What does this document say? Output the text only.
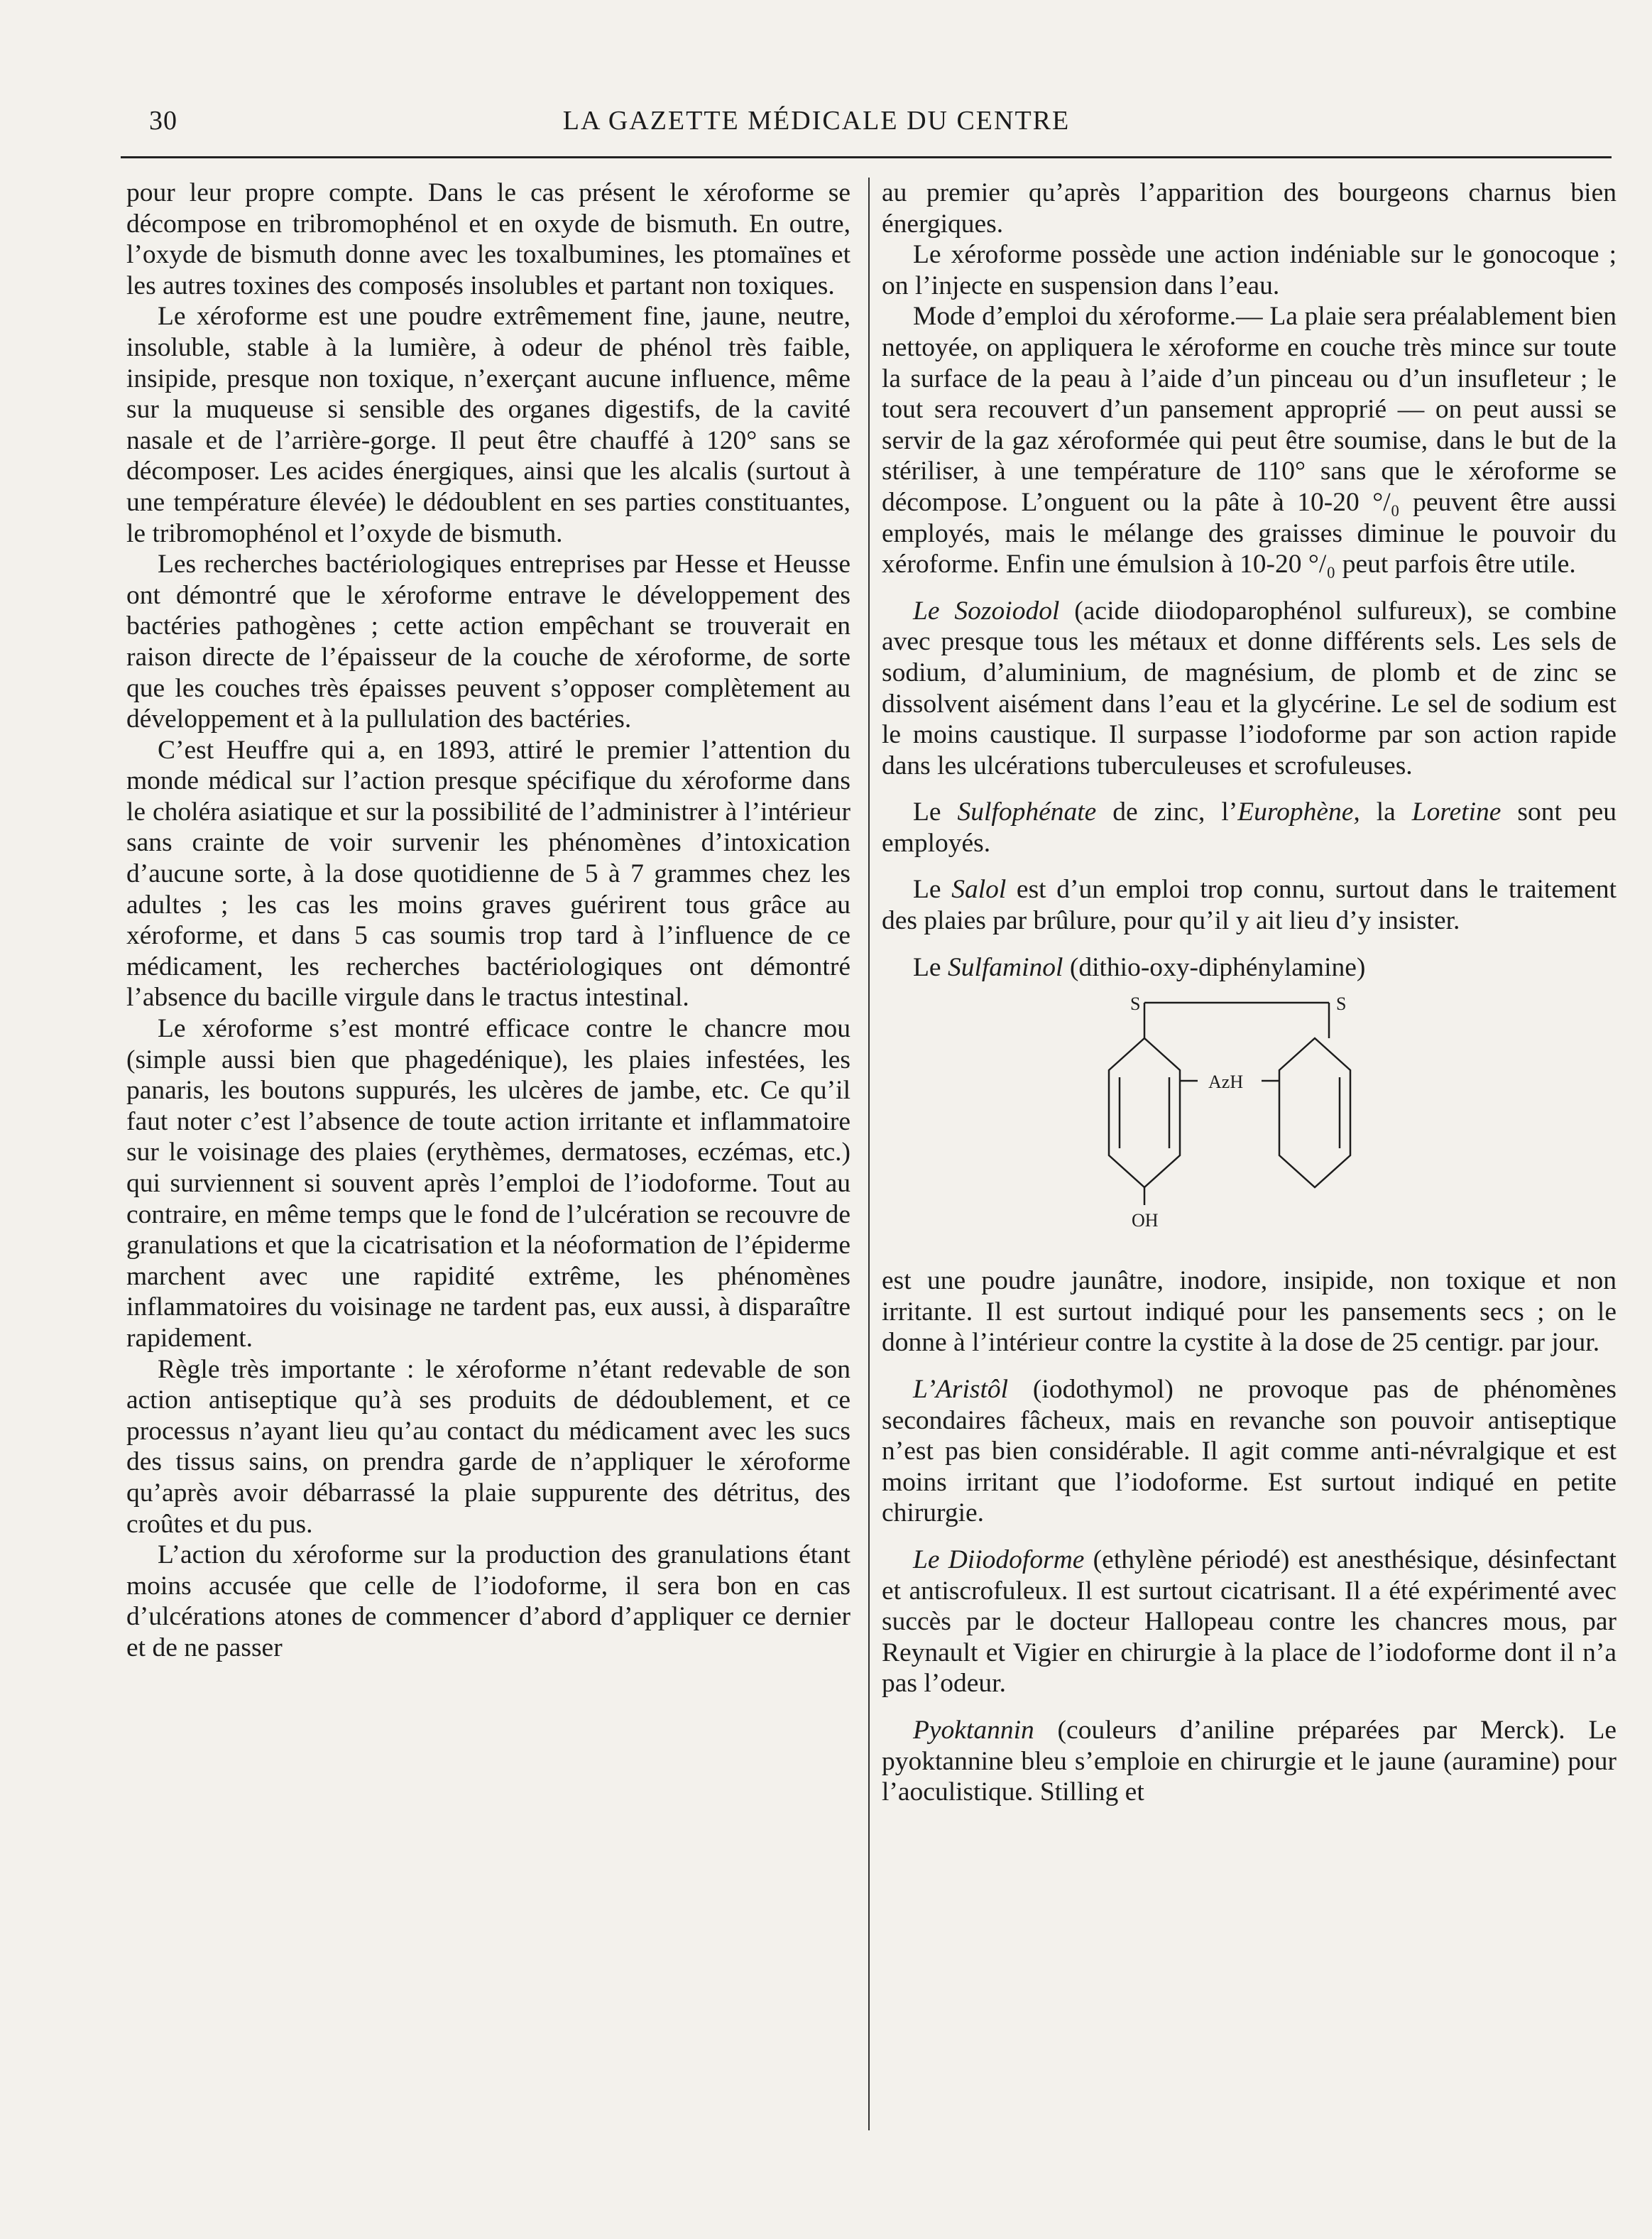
30	LA GAZETTE MÉDICALE DU CENTRE

pour leur propre compte. Dans le cas présent le xéroforme se décompose en tribromophénol et en oxyde de bismuth. En outre, l’oxyde de bismuth donne avec les toxalbumines, les ptomaïnes et les autres toxines des composés insolubles et partant non toxiques.

Le xéroforme est une poudre extrêmement fine, jaune, neutre, insoluble, stable à la lumière, à odeur de phénol très faible, insipide, presque non toxique, n’exerçant aucune influence, même sur la muqueuse si sensible des organes digestifs, de la cavité nasale et de l’arrière-gorge. Il peut être chauffé à 120° sans se décomposer. Les acides énergiques, ainsi que les alcalis (surtout à une température élevée) le dédoublent en ses parties constituantes, le tribromophénol et l’oxyde de bismuth.

Les recherches bactériologiques entreprises par Hesse et Heusse ont démontré que le xéroforme entrave le développement des bactéries pathogènes ; cette action empêchant se trouverait en raison directe de l’épaisseur de la couche de xéroforme, de sorte que les couches très épaisses peuvent s’opposer complètement au développement et à la pullulation des bactéries.

C’est Heuffre qui a, en 1893, attiré le premier l’attention du monde médical sur l’action presque spécifique du xéroforme dans le choléra asiatique et sur la possibilité de l’administrer à l’intérieur sans crainte de voir survenir les phénomènes d’intoxication d’aucune sorte, à la dose quotidienne de 5 à 7 grammes chez les adultes ; les cas les moins graves guérirent tous grâce au xéroforme, et dans 5 cas soumis trop tard à l’influence de ce médicament, les recherches bactériologiques ont démontré l’absence du bacille virgule dans le tractus intestinal.

Le xéroforme s’est montré efficace contre le chancre mou (simple aussi bien que phagedénique), les plaies infestées, les panaris, les boutons suppurés, les ulcères de jambe, etc. Ce qu’il faut noter c’est l’absence de toute action irritante et inflammatoire sur le voisinage des plaies (erythèmes, dermatoses, eczémas, etc.) qui surviennent si souvent après l’emploi de l’iodoforme. Tout au contraire, en même temps que le fond de l’ulcération se recouvre de granulations et que la cicatrisation et la néoformation de l’épiderme marchent avec une rapidité extrême, les phénomènes inflammatoires du voisinage ne tardent pas, eux aussi, à disparaître rapidement.

Règle très importante : le xéroforme n’étant redevable de son action antiseptique qu’à ses produits de dédoublement, et ce processus n’ayant lieu qu’au contact du médicament avec les sucs des tissus sains, on prendra garde de n’appliquer le xéroforme qu’après avoir débarrassé la plaie suppurente des détritus, des croûtes et du pus.

L’action du xéroforme sur la production des granulations étant moins accusée que celle de l’iodoforme, il sera bon en cas d’ulcérations atones de commencer d’abord d’appliquer ce dernier et de ne passer

au premier qu’après l’apparition des bourgeons charnus bien énergiques.

Le xéroforme possède une action indéniable sur le gonocoque ; on l’injecte en suspension dans l’eau.

Mode d’emploi du xéroforme.— La plaie sera préalablement bien nettoyée, on appliquera le xéroforme en couche très mince sur toute la surface de la peau à l’aide d’un pinceau ou d’un insufleteur ; le tout sera recouvert d’un pansement approprié — on peut aussi se servir de la gaz xéroformée qui peut être soumise, dans le but de la stériliser, à une température de 110° sans que le xéroforme se décompose. L’onguent ou la pâte à 10-20 °/₀ peuvent être aussi employés, mais le mélange des graisses diminue le pouvoir du xéroforme. Enfin une émulsion à 10-20 °/₀ peut parfois être utile.

Le Sozoiodol (acide diiodoparophénol sulfureux), se combine avec presque tous les métaux et donne différents sels. Les sels de sodium, d’aluminium, de magnésium, de plomb et de zinc se dissolvent aisément dans l’eau et la glycérine. Le sel de sodium est le moins caustique. Il surpasse l’iodoforme par son action rapide dans les ulcérations tuberculeuses et scrofuleuses.

Le Sulfophénate de zinc, l’Europhène, la Loretine sont peu employés.

Le Salol est d’un emploi trop connu, surtout dans le traitement des plaies par brûlure, pour qu’il y ait lieu d’y insister.

Le Sulfaminol (dithio-oxy-diphénylamine)

S	S
AzH
OH

est une poudre jaunâtre, inodore, insipide, non toxique et non irritante. Il est surtout indiqué pour les pansements secs ; on le donne à l’intérieur contre la cystite à la dose de 25 centigr. par jour.

L’Aristôl (iodothymol) ne provoque pas de phénomènes secondaires fâcheux, mais en revanche son pouvoir antiseptique n’est pas bien considérable. Il agit comme anti-névralgique et est moins irritant que l’iodoforme. Est surtout indiqué en petite chirurgie.

Le Diiodoforme (ethylène périodé) est anesthésique, désinfectant et antiscrofuleux. Il est surtout cicatrisant. Il a été expérimenté avec succès par le docteur Hallopeau contre les chancres mous, par Reynault et Vigier en chirurgie à la place de l’iodoforme dont il n’a pas l’odeur.

Pyoktannin (couleurs d’aniline préparées par Merck). Le pyoktannine bleu s’emploie en chirurgie et le jaune (auramine) pour l’aoculistique. Stilling et
